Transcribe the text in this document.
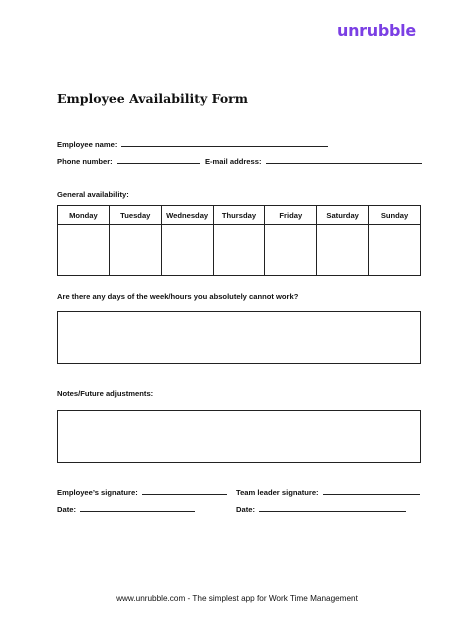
unrubble
Employee Availability Form
Employee name:
Phone number:	E-mail address:
General availability:
Monday	Tuesday	Wednesday	Thursday	Friday	Saturday	Sunday

Are there any days of the week/hours you absolutely cannot work?
Notes/Future adjustments:
Employee’s signature:	Team leader signature:
Date:	Date:
www.unrubble.com - The simplest app for Work Time Management
